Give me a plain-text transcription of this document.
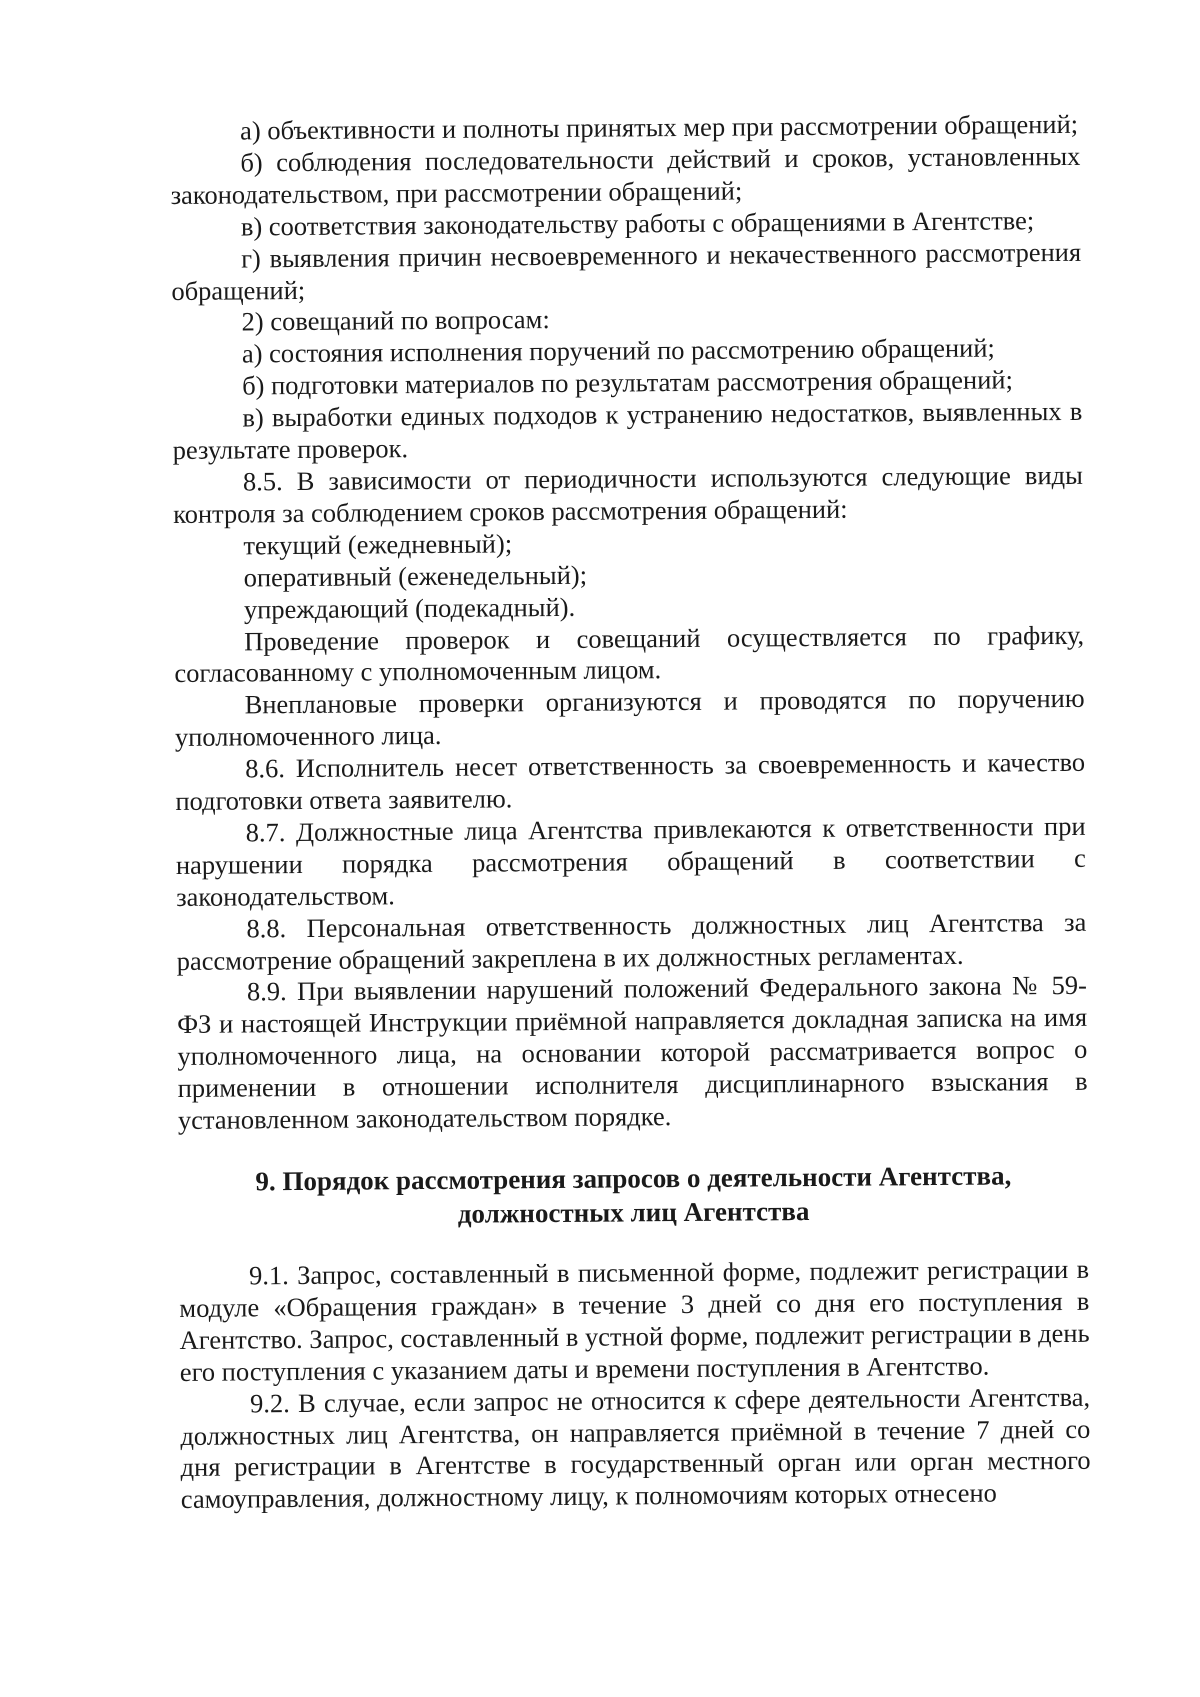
а) объективности и полноты принятых мер при рассмотрении обращений;

б) соблюдения последовательности действий и сроков, установленных законодательством, при рассмотрении обращений;

в) соответствия законодательству работы с обращениями в Агентстве;

г) выявления причин несвоевременного и некачественного рассмотрения обращений;

2) совещаний по вопросам:

а) состояния исполнения поручений по рассмотрению обращений;

б) подготовки материалов по результатам рассмотрения обращений;

в) выработки единых подходов к устранению недостатков, выявленных в результате проверок.

8.5. В зависимости от периодичности используются следующие виды контроля за соблюдением сроков рассмотрения обращений:

текущий (ежедневный);

оперативный (еженедельный);

упреждающий (подекадный).

Проведение проверок и совещаний осуществляется по графику, согласованному с уполномоченным лицом.

Внеплановые проверки организуются и проводятся по поручению уполномоченного лица.

8.6. Исполнитель несет ответственность за своевременность и качество подготовки ответа заявителю.

8.7. Должностные лица Агентства привлекаются к ответственности при нарушении порядка рассмотрения обращений в соответствии с законодательством.

8.8. Персональная ответственность должностных лиц Агентства за рассмотрение обращений закреплена в их должностных регламентах.

8.9. При выявлении нарушений положений Федерального закона № 59-ФЗ и настоящей Инструкции приёмной направляется докладная записка на имя уполномоченного лица, на основании которой рассматривается вопрос о применении в отношении исполнителя дисциплинарного взыскания в установленном законодательством порядке.

9. Порядок рассмотрения запросов о деятельности Агентства,
должностных лиц Агентства

9.1. Запрос, составленный в письменной форме, подлежит регистрации в модуле «Обращения граждан» в течение 3 дней со дня его поступления в Агентство. Запрос, составленный в устной форме, подлежит регистрации в день его поступления с указанием даты и времени поступления в Агентство.

9.2. В случае, если запрос не относится к сфере деятельности Агентства, должностных лиц Агентства, он направляется приёмной в течение 7 дней со дня регистрации в Агентстве в государственный орган или орган местного самоуправления, должностному лицу, к полномочиям которых отнесено
